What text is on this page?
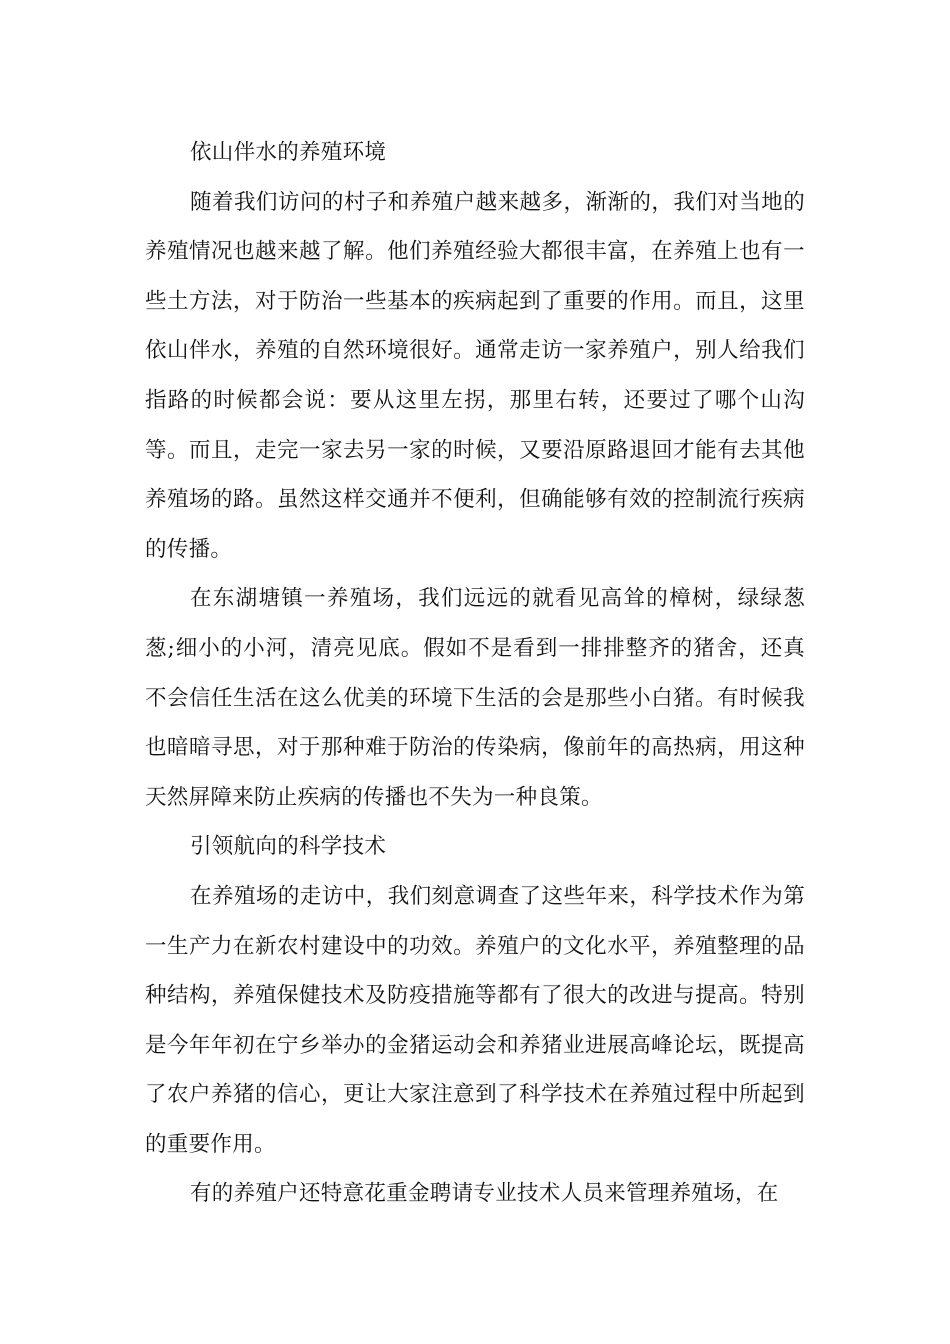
依山伴水的养殖环境

随着我们访问的村子和养殖户越来越多，渐渐的，我们对当地的养殖情况也越来越了解。他们养殖经验大都很丰富，在养殖上也有一些土方法，对于防治一些基本的疾病起到了重要的作用。而且，这里依山伴水，养殖的自然环境很好。通常走访一家养殖户，别人给我们指路的时候都会说：要从这里左拐，那里右转，还要过了哪个山沟等。而且，走完一家去另一家的时候，又要沿原路退回才能有去其他养殖场的路。虽然这样交通并不便利，但确能够有效的控制流行疾病的传播。

在东湖塘镇一养殖场，我们远远的就看见高耸的樟树，绿绿葱葱;细小的小河，清亮见底。假如不是看到一排排整齐的猪舍，还真不会信任生活在这么优美的环境下生活的会是那些小白猪。有时候我也暗暗寻思，对于那种难于防治的传染病，像前年的高热病，用这种天然屏障来防止疾病的传播也不失为一种良策。

引领航向的科学技术

在养殖场的走访中，我们刻意调查了这些年来，科学技术作为第一生产力在新农村建设中的功效。养殖户的文化水平，养殖整理的品种结构，养殖保健技术及防疫措施等都有了很大的改进与提高。特别是今年年初在宁乡举办的金猪运动会和养猪业进展高峰论坛，既提高了农户养猪的信心，更让大家注意到了科学技术在养殖过程中所起到的重要作用。

有的养殖户还特意花重金聘请专业技术人员来管理养殖场，在
